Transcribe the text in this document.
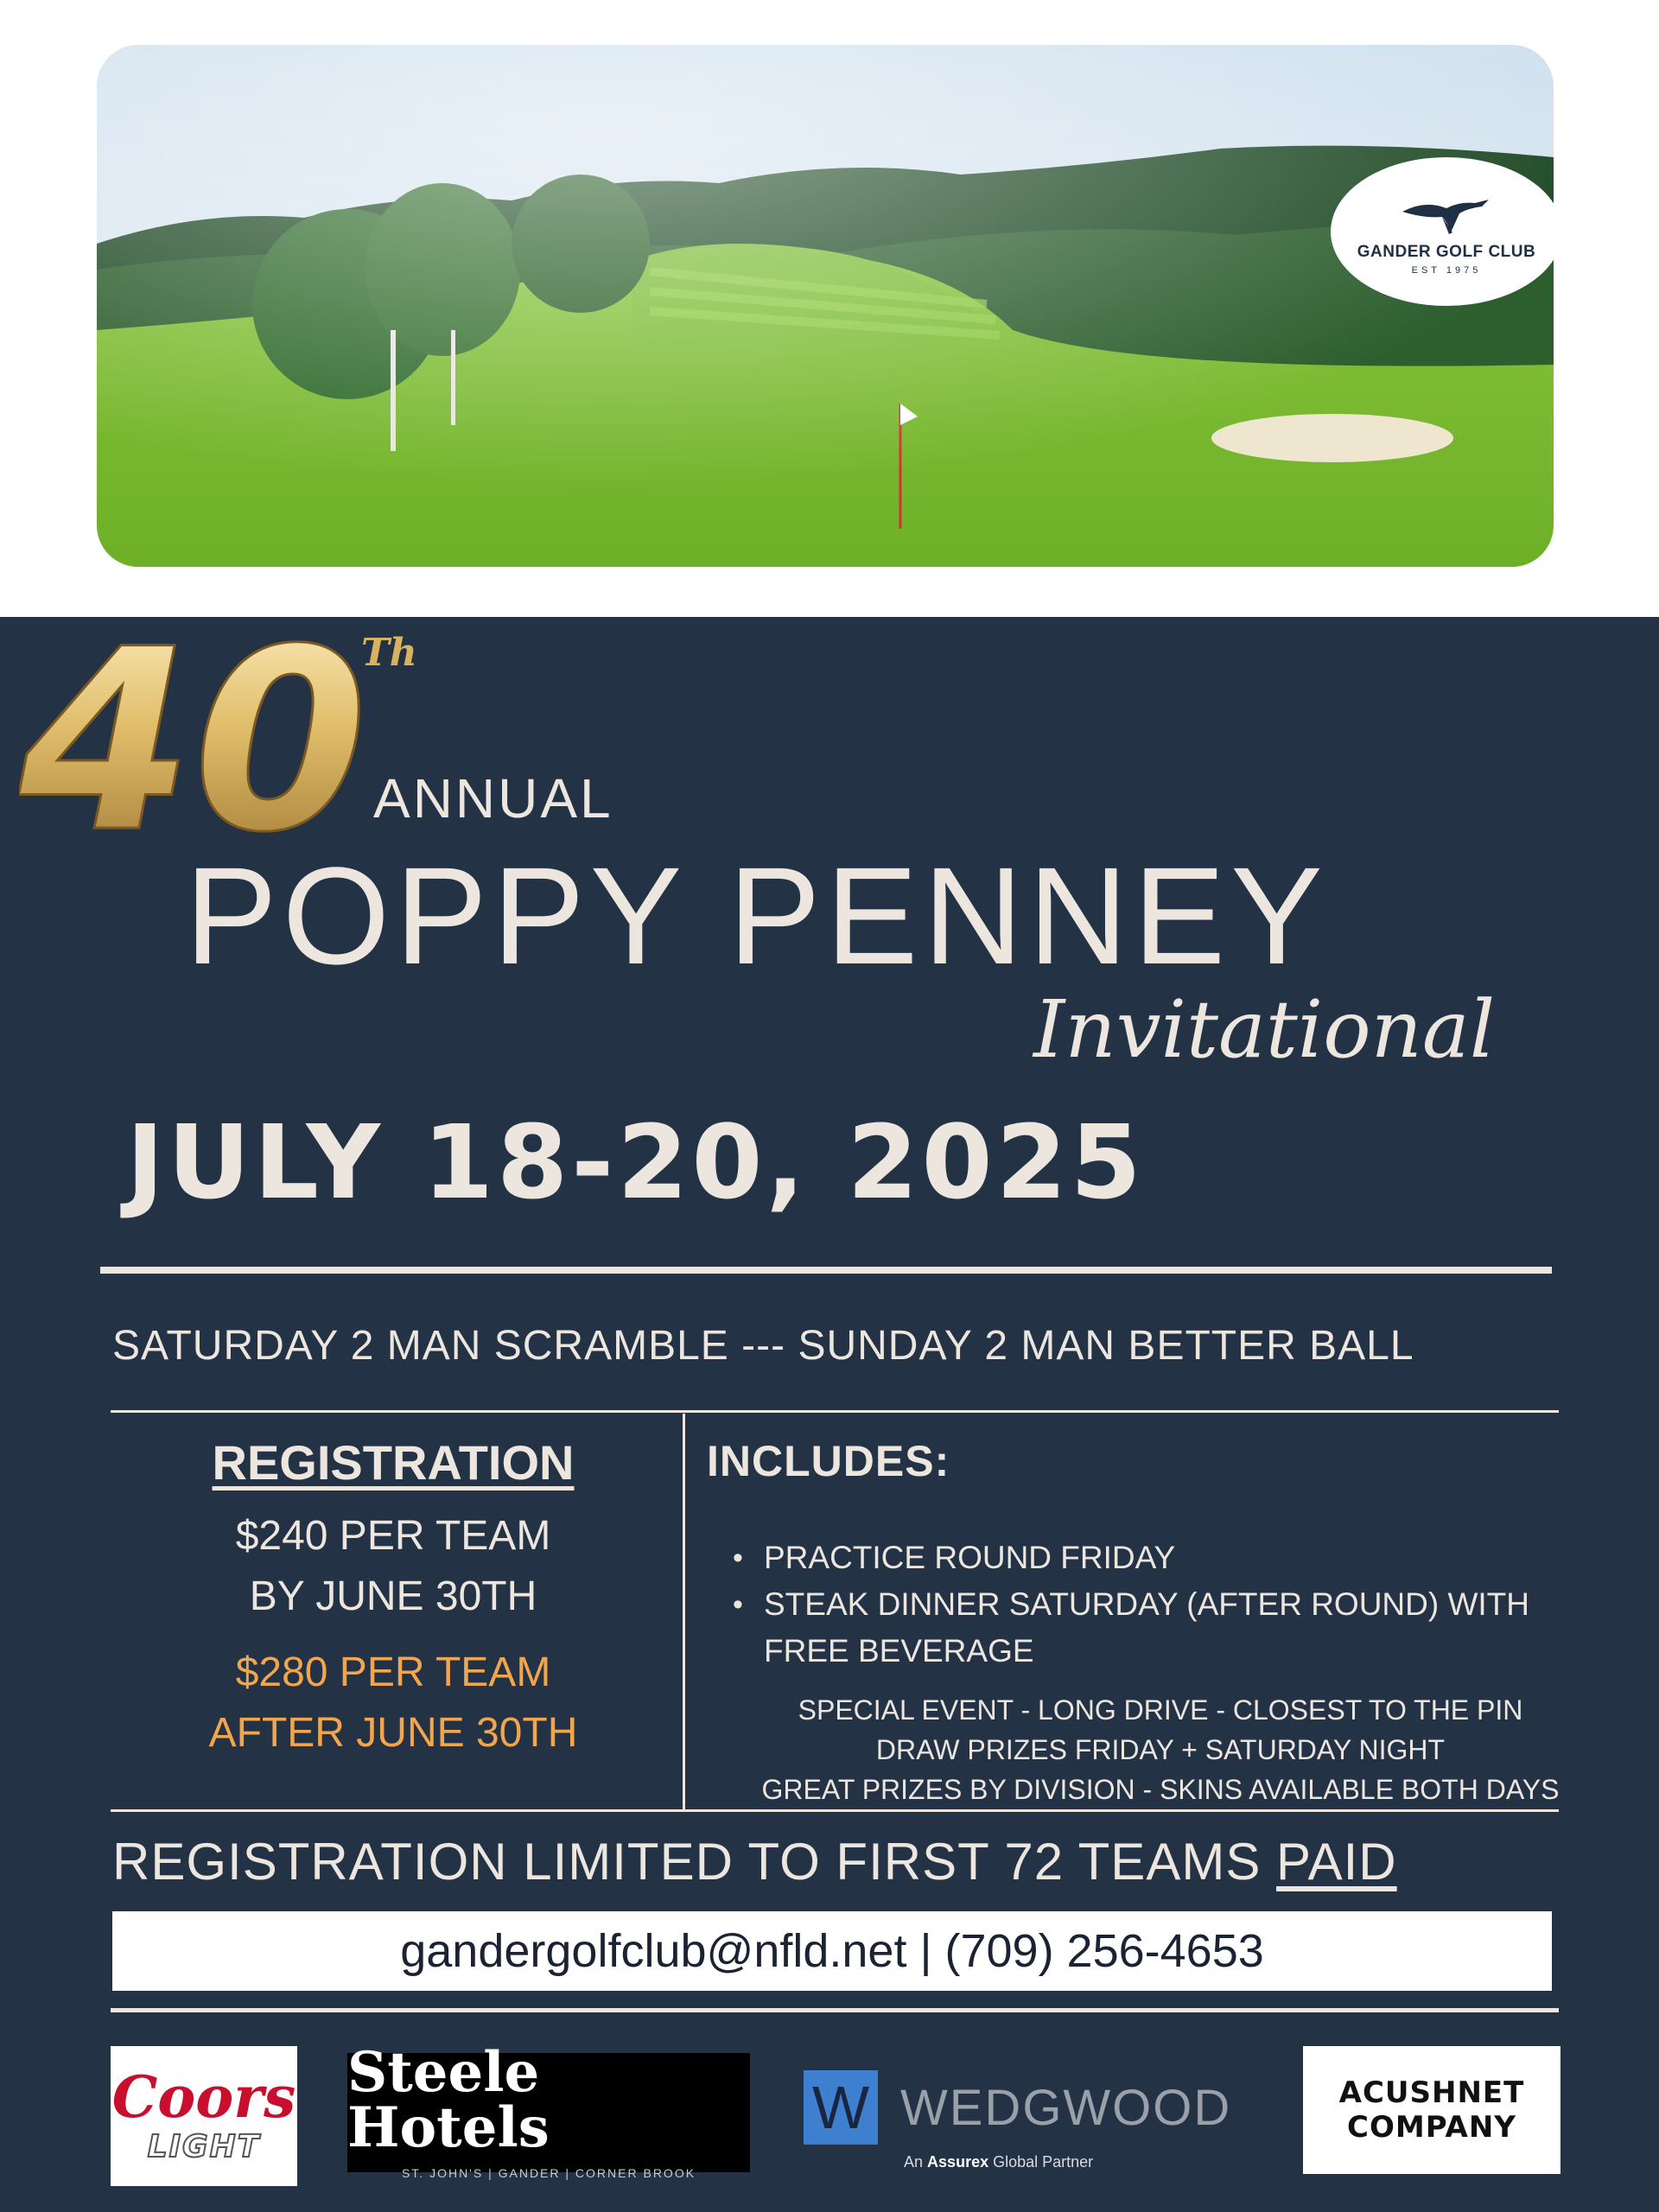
GANDER GOLF CLUB
EST 1975
40
Th
ANNUAL
POPPY PENNEY
Invitational
JULY 18-20, 2025
SATURDAY 2 MAN SCRAMBLE --- SUNDAY 2 MAN BETTER BALL
REGISTRATION
$240 PER TEAM
BY JUNE 30TH
$280 PER TEAM
AFTER JUNE 30TH
INCLUDES:
• PRACTICE ROUND FRIDAY
• STEAK DINNER SATURDAY (AFTER ROUND) WITH FREE BEVERAGE
SPECIAL EVENT - LONG DRIVE - CLOSEST TO THE PIN
DRAW PRIZES FRIDAY + SATURDAY NIGHT
GREAT PRIZES BY DIVISION - SKINS AVAILABLE BOTH DAYS
REGISTRATION LIMITED TO FIRST 72 TEAMS PAID
gandergolfclub@nfld.net | (709) 256-4653
Coors
LIGHT
Steele Hotels
ST. JOHN'S | GANDER | CORNER BROOK
W WEDGWOOD
An Assurex Global Partner
ACUSHNET
COMPANY
